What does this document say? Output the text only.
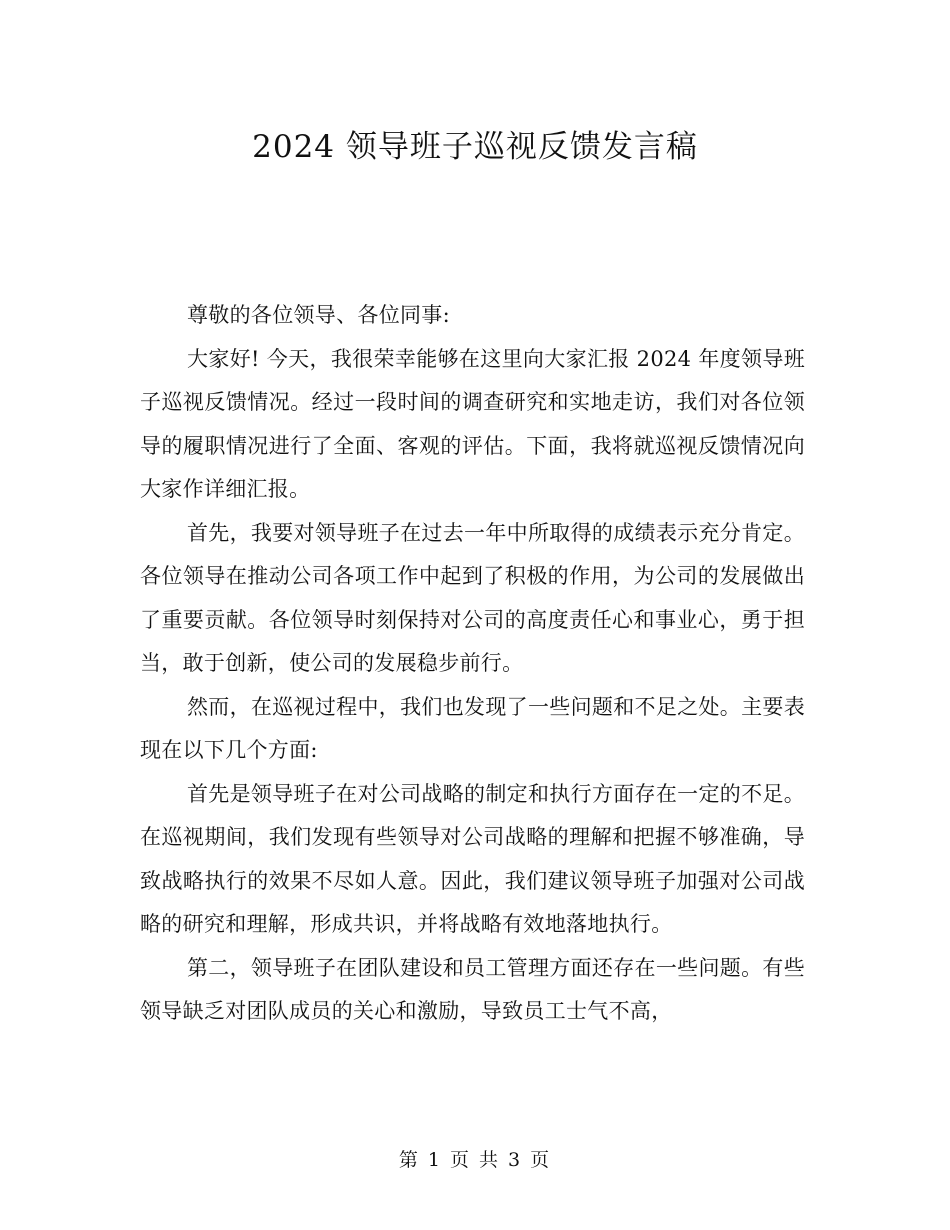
2024 领导班子巡视反馈发言稿

尊敬的各位领导、各位同事:

大家好! 今天，我很荣幸能够在这里向大家汇报 2024 年度领导班子巡视反馈情况。经过一段时间的调查研究和实地走访，我们对各位领导的履职情况进行了全面、客观的评估。下面，我将就巡视反馈情况向大家作详细汇报。

首先，我要对领导班子在过去一年中所取得的成绩表示充分肯定。各位领导在推动公司各项工作中起到了积极的作用，为公司的发展做出了重要贡献。各位领导时刻保持对公司的高度责任心和事业心，勇于担当，敢于创新，使公司的发展稳步前行。

然而，在巡视过程中，我们也发现了一些问题和不足之处。主要表现在以下几个方面:

首先是领导班子在对公司战略的制定和执行方面存在一定的不足。在巡视期间，我们发现有些领导对公司战略的理解和把握不够准确，导致战略执行的效果不尽如人意。因此，我们建议领导班子加强对公司战略的研究和理解，形成共识，并将战略有效地落地执行。

第二，领导班子在团队建设和员工管理方面还存在一些问题。有些领导缺乏对团队成员的关心和激励，导致员工士气不高，

第 1 页 共 3 页
